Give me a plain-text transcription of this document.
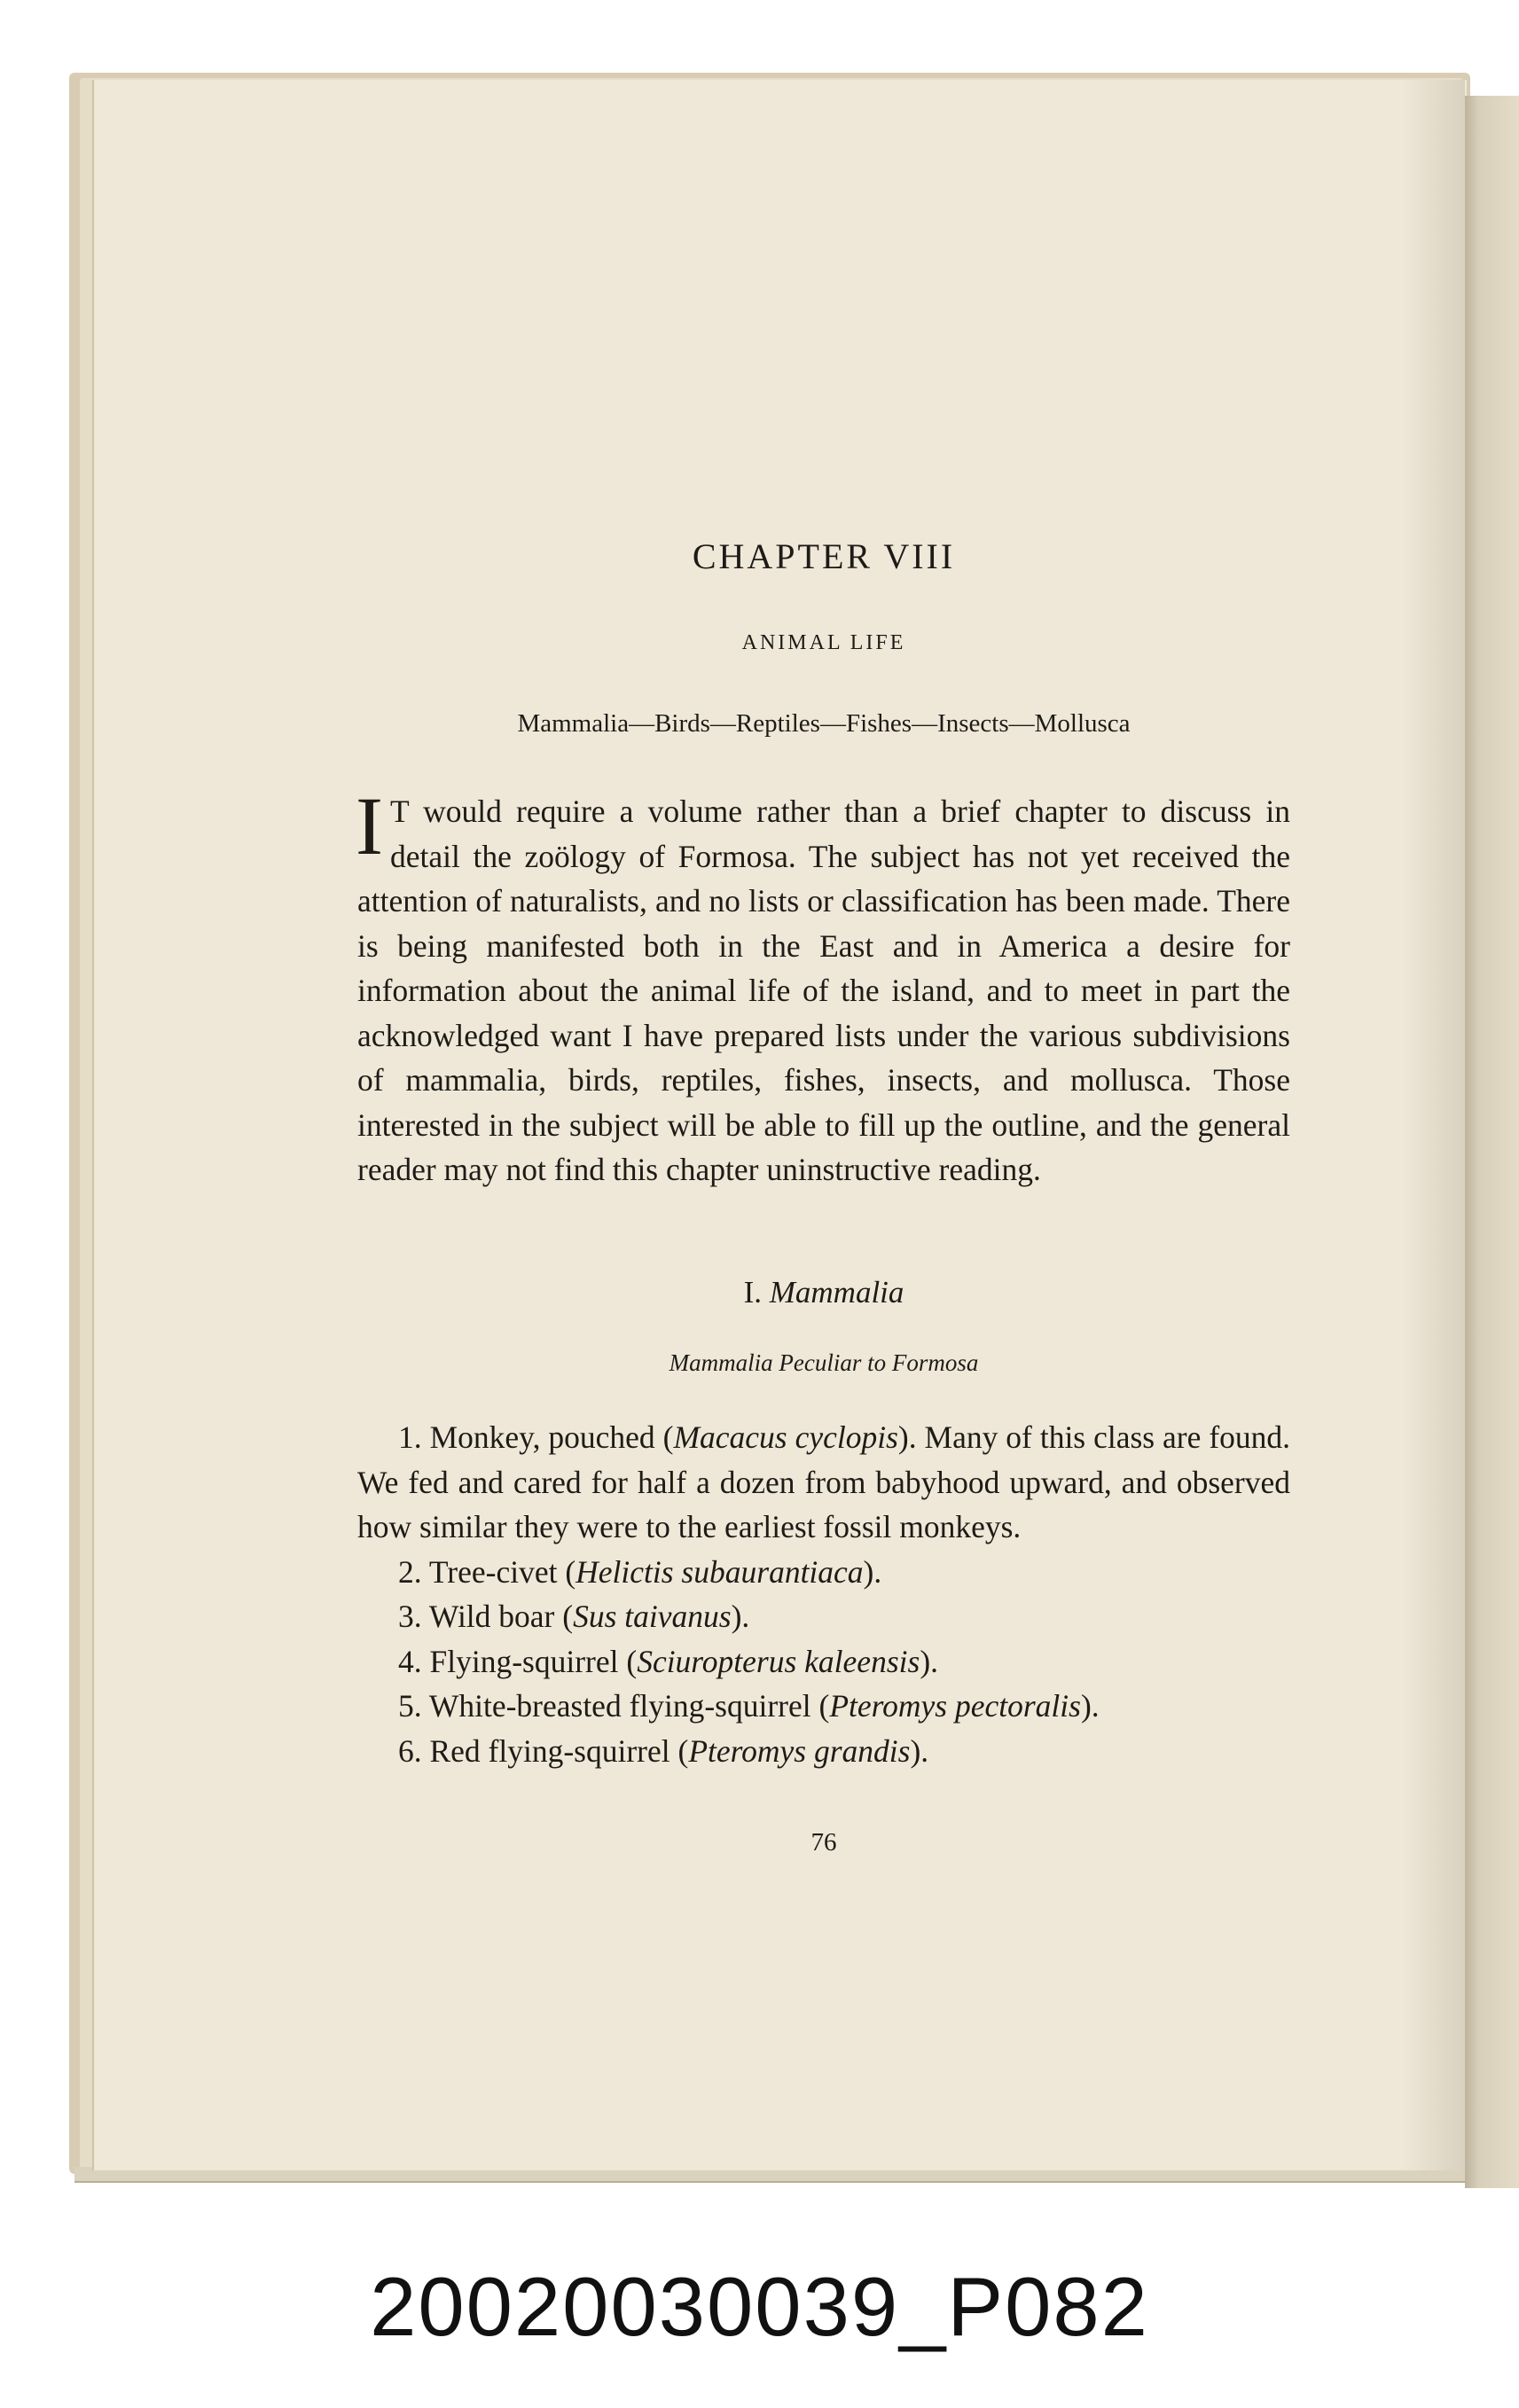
CHAPTER VIII
ANIMAL LIFE
Mammalia—Birds—Reptiles—Fishes—Insects—Mollusca

I T would require a volume rather than a brief chapter to discuss in detail the zoölogy of Formosa. The subject has not yet received the attention of naturalists, and no lists or classification has been made. There is being manifested both in the East and in America a desire for information about the animal life of the island, and to meet in part the acknowledged want I have prepared lists under the various subdivisions of mammalia, birds, reptiles, fishes, insects, and mollusca. Those interested in the subject will be able to fill up the outline, and the general reader may not find this chapter uninstructive reading.

I. Mammalia
Mammalia Peculiar to Formosa

1. Monkey, pouched (Macacus cyclopis). Many of this class are found. We fed and cared for half a dozen from babyhood upward, and observed how similar they were to the earliest fossil monkeys.

2. Tree-civet (Helictis subaurantiaca).

3. Wild boar (Sus taivanus).

4. Flying-squirrel (Sciuropterus kaleensis).

5. White-breasted flying-squirrel (Pteromys pectoralis).

6. Red flying-squirrel (Pteromys grandis).

76
20020030039_P082
